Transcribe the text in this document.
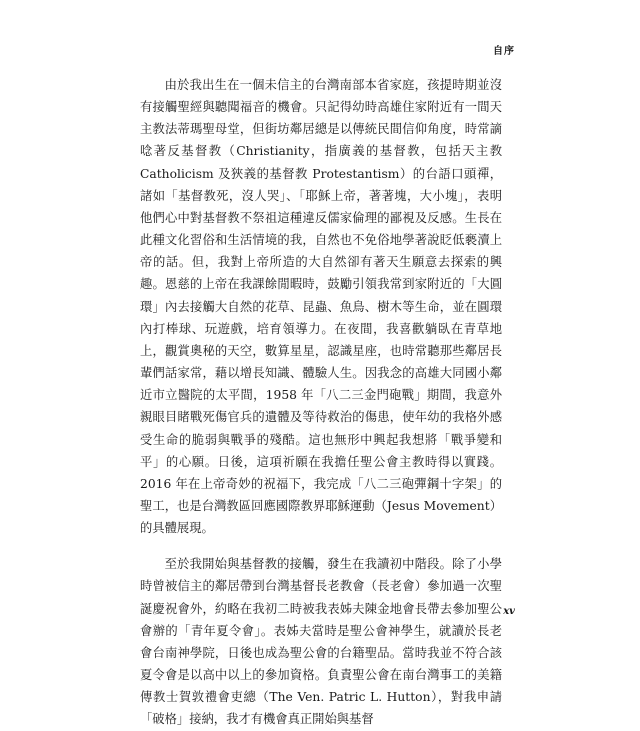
自序

由於我出生在一個未信主的台灣南部本省家庭，孩提時期並沒有接觸聖經與聽聞福音的機會。只記得幼時高雄住家附近有一間天主教法蒂瑪聖母堂，但街坊鄰居總是以傳統民間信仰角度，時常謫唸著反基督教（Christianity，指廣義的基督教，包括天主教 Catholicism 及狹義的基督教 Protestantism）的台語口頭禪，諸如「基督教死，沒人哭」、「耶穌上帝，著著塊，大小塊」，表明他們心中對基督教不祭祖這種違反儒家倫理的鄙視及反感。生長在此種文化習俗和生活情境的我，自然也不免俗地學著說眨低褻瀆上帝的話。但，我對上帝所造的大自然卻有著天生願意去探索的興趣。恩慈的上帝在我課餘閒暇時，鼓勵引領我常到家附近的「大圓環」內去接觸大自然的花草、昆蟲、魚鳥、樹木等生命，並在圓環內打棒球、玩遊戲，培育領導力。在夜間，我喜歡躺臥在青草地上，觀賞奧秘的天空，數算星星，認識星座，也時常聽那些鄰居長輩們話家常，藉以增長知識、體驗人生。因我念的高雄大同國小鄰近市立醫院的太平間，1958 年「八二三金門砲戰」期間，我意外親眼目睹戰死傷官兵的遺體及等待救治的傷患，使年幼的我格外感受生命的脆弱與戰爭的殘酷。這也無形中興起我想將「戰爭變和平」的心願。日後，這項祈願在我擔任聖公會主教時得以實踐。2016 年在上帝奇妙的祝福下，我完成「八二三砲彈鋼十字架」的聖工，也是台灣教區回應國際教界耶穌運動（Jesus Movement）的具體展現。

至於我開始與基督教的接觸，發生在我讀初中階段。除了小學時曾被信主的鄰居帶到台灣基督長老教會（長老會）參加過一次聖誕慶祝會外，約略在我初二時被我表姊夫陳金地會長帶去參加聖公會辦的「青年夏令會」。表姊夫當時是聖公會神學生，就讀於長老會台南神學院，日後也成為聖公會的台籍聖品。當時我並不符合該夏令會是以高中以上的參加資格。負責聖公會在南台灣事工的美籍傳教士賀敦禮會吏總（The Ven. Patric L. Hutton），對我申請「破格」接納，我才有機會真正開始與基督

xv
